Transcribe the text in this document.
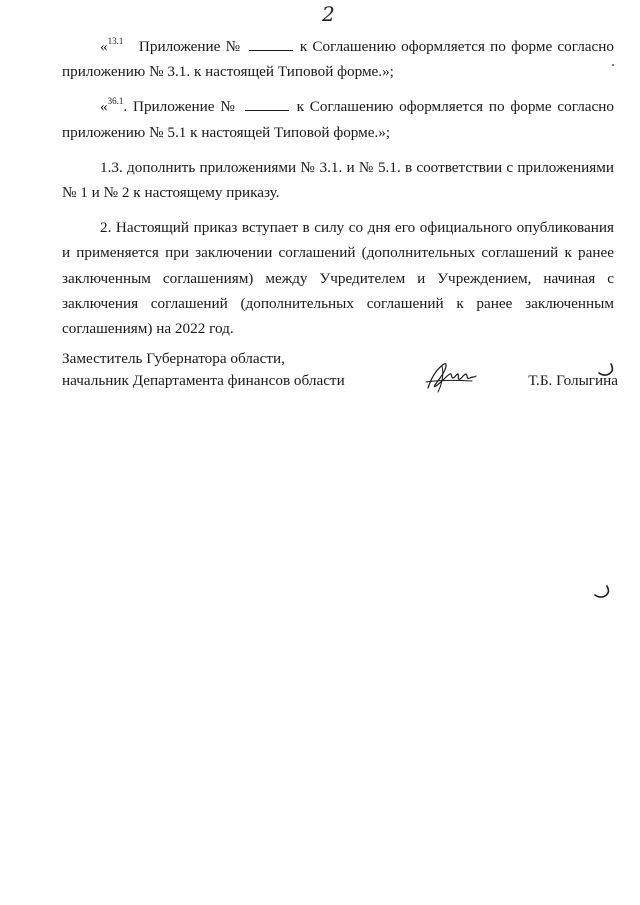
2

«$^{13.1}$ Приложение №	к Соглашению оформляется по форме согласно

приложению № 3.1. к настоящей Типовой форме.»;

«$^{36.1}$. Приложение №	к Соглашению оформляется по форме согласно

приложению № 5.1 к настоящей Типовой форме.»;

1.3. дополнить приложениями № 3.1. и № 5.1. в соответствии с приложениями

№ 1 и № 2 к настоящему приказу.

2. Настоящий приказ вступает в силу со дня его официального опубликования

и применяется при заключении соглашений (дополнительных соглашений к ранее

заключенным соглашениям) между Учредителем и Учреждением, начиная с

заключения соглашений (дополнительных соглашений к ранее заключенным

соглашениям) на 2022 год.

Заместитель Губернатора области,
начальник Департамента финансов области	Т.Б. Голыгина
